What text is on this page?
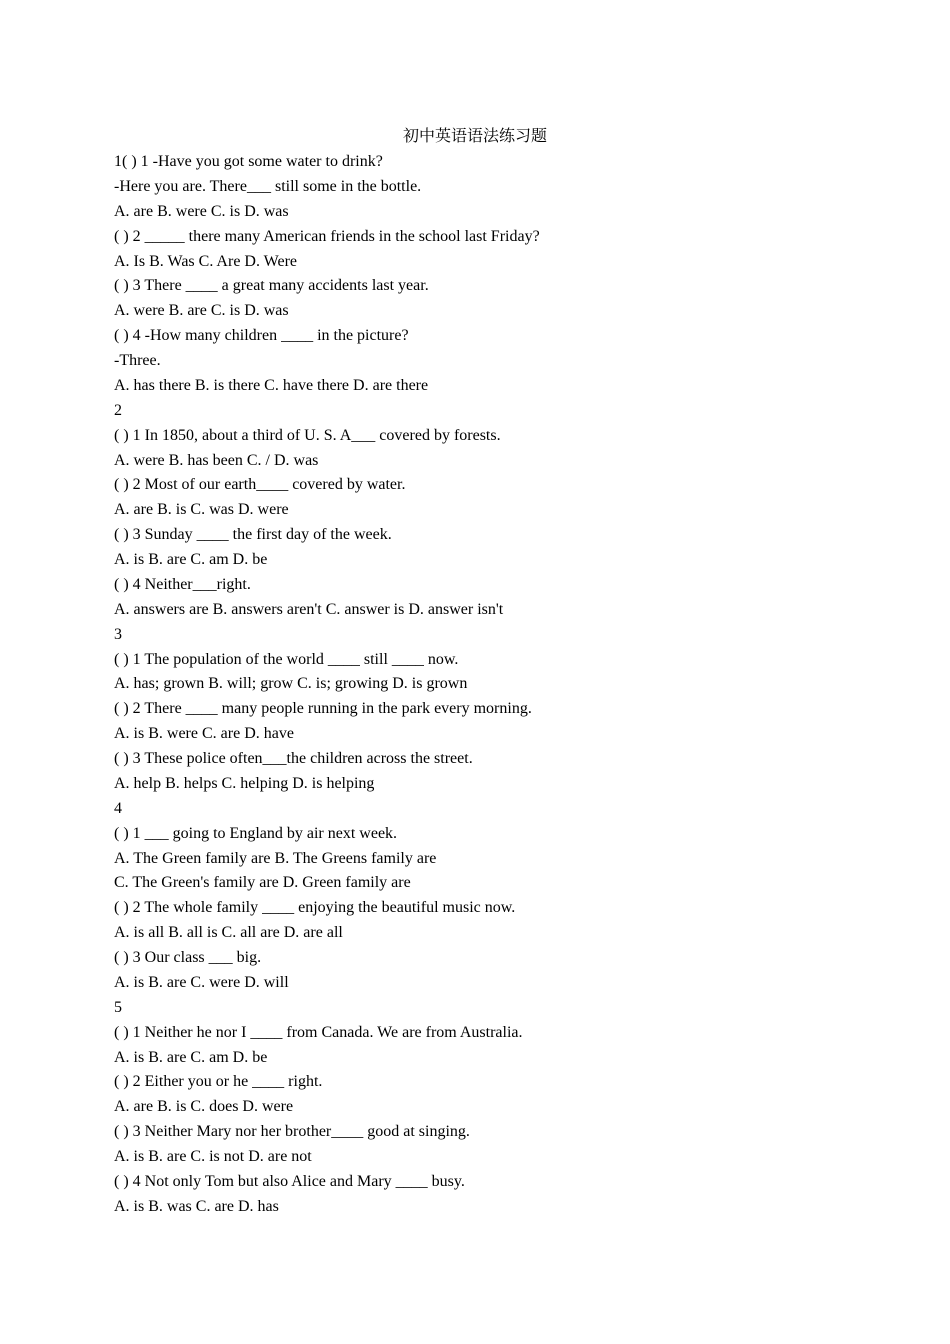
初中英语语法练习题
1( ) 1 -Have you got some water to drink?
-Here you are. There___ still some in the bottle.
A. are B. were C. is D. was
( ) 2 _____ there many American friends in the school last Friday?
A. Is B. Was C. Are D. Were
( ) 3 There ____ a great many accidents last year.
A. were B. are C. is D. was
( ) 4 -How many children ____ in the picture?
-Three.
A. has there B. is there C. have there D. are there
2
( ) 1 In 1850, about a third of U. S. A___ covered by forests.
A. were B. has been C. / D. was
( ) 2 Most of our earth____ covered by water.
A. are B. is C. was D. were
( ) 3 Sunday ____ the first day of the week.
A. is B. are C. am D. be
( ) 4 Neither___right.
A. answers are B. answers aren't C. answer is D. answer isn't
3
( ) 1 The population of the world ____ still ____ now.
A. has; grown B. will; grow C. is; growing D. is grown
( ) 2 There ____ many people running in the park every morning.
A. is B. were C. are D. have
( ) 3 These police often___the children across the street.
A. help B. helps C. helping D. is helping
4
( ) 1 ___ going to England by air next week.
A. The Green family are B. The Greens family are
C. The Green's family are D. Green family are
( ) 2 The whole family ____ enjoying the beautiful music now.
A. is all B. all is C. all are D. are all
( ) 3 Our class ___ big.
A. is B. are C. were D. will
5
( ) 1 Neither he nor I ____ from Canada. We are from Australia.
A. is B. are C. am D. be
( ) 2 Either you or he ____ right.
A. are B. is C. does D. were
( ) 3 Neither Mary nor her brother____ good at singing.
A. is B. are C. is not D. are not
( ) 4 Not only Tom but also Alice and Mary ____ busy.
A. is B. was C. are D. has
